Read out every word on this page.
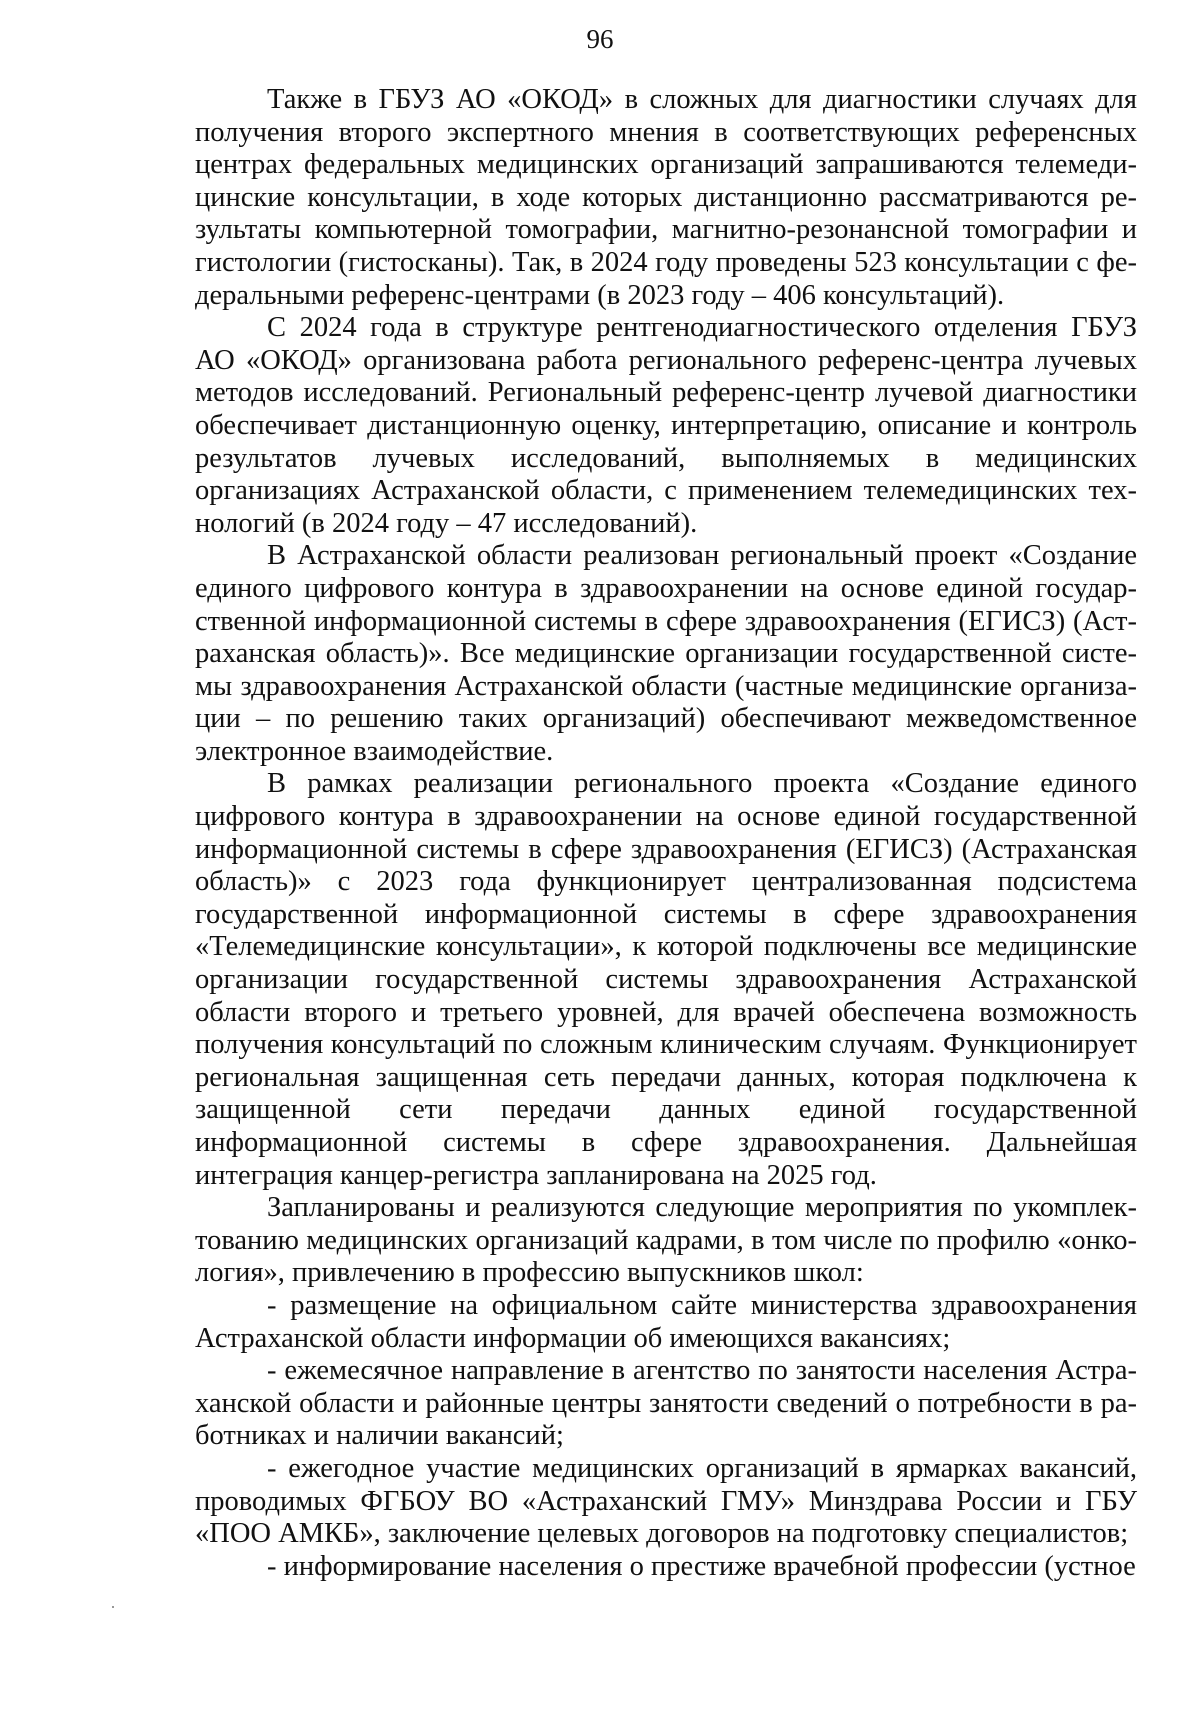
96

Также в ГБУЗ АО «ОКОД» в сложных для диагностики случаях для получения второго экспертного мнения в соответствующих референсных центрах федеральных медицинских организаций запрашиваются телемедицинские консультации, в ходе которых дистанционно рассматриваются результаты компьютерной томографии, магнитно-резонансной томографии и гистологии (гистосканы). Так, в 2024 году проведены 523 консультации с федеральными референс-центрами (в 2023 году – 406 консультаций).

С 2024 года в структуре рентгенодиагностического отделения ГБУЗ АО «ОКОД» организована работа регионального референс-центра лучевых методов исследований. Региональный референс-центр лучевой диагностики обеспечивает дистанционную оценку, интерпретацию, описание и контроль результатов лучевых исследований, выполняемых в медицинских организациях Астраханской области, с применением телемедицинских технологий (в 2024 году – 47 исследований).

В Астраханской области реализован региональный проект «Создание единого цифрового контура в здравоохранении на основе единой государственной информационной системы в сфере здравоохранения (ЕГИСЗ) (Астраханская область)». Все медицинские организации государственной системы здравоохранения Астраханской области (частные медицинские организации – по решению таких организаций) обеспечивают межведомственное электронное взаимодействие.

В рамках реализации регионального проекта «Создание единого цифрового контура в здравоохранении на основе единой государственной информационной системы в сфере здравоохранения (ЕГИСЗ) (Астраханская область)» с 2023 года функционирует централизованная подсистема государственной информационной системы в сфере здравоохранения «Телемедицинские консультации», к которой подключены все медицинские организации государственной системы здравоохранения Астраханской области второго и третьего уровней, для врачей обеспечена возможность получения консультаций по сложным клиническим случаям. Функционирует региональная защищенная сеть передачи данных, которая подключена к защищенной сети передачи данных единой государственной информационной системы в сфере здравоохранения. Дальнейшая интеграция канцер-регистра запланирована на 2025 год.

Запланированы и реализуются следующие мероприятия по укомплектованию медицинских организаций кадрами, в том числе по профилю «онкология», привлечению в профессию выпускников школ:

- размещение на официальном сайте министерства здравоохранения Астраханской области информации об имеющихся вакансиях;

- ежемесячное направление в агентство по занятости населения Астраханской области и районные центры занятости сведений о потребности в работниках и наличии вакансий;

- ежегодное участие медицинских организаций в ярмарках вакансий, проводимых ФГБОУ ВО «Астраханский ГМУ» Минздрава России и ГБУ «ПОО АМКБ», заключение целевых договоров на подготовку специалистов;

- информирование населения о престиже врачебной профессии (устное
